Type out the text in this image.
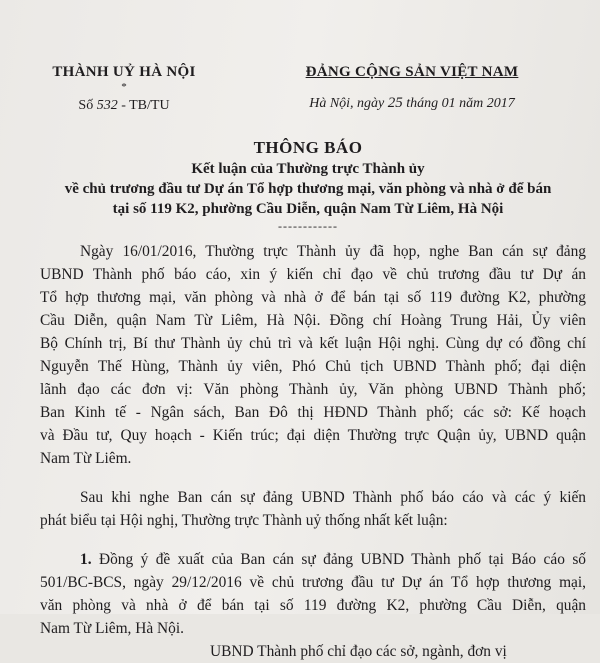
THÀNH UỶ HÀ NỘI
*
Số 532 - TB/TU
ĐẢNG CỘNG SẢN VIỆT NAM
Hà Nội, ngày 25 tháng 01 năm 2017
THÔNG BÁO
Kết luận của Thường trực Thành ủy
về chủ trương đầu tư Dự án Tổ hợp thương mại, văn phòng và nhà ở để bán
tại số 119 K2, phường Cầu Diễn, quận Nam Từ Liêm, Hà Nội
------------
Ngày 16/01/2016, Thường trực Thành ủy đã họp, nghe Ban cán sự đảng
UBND Thành phố báo cáo, xin ý kiến chỉ đạo về chủ trương đầu tư Dự án
Tổ hợp thương mại, văn phòng và nhà ở để bán tại số 119 đường K2, phường
Cầu Diễn, quận Nam Từ Liêm, Hà Nội. Đồng chí Hoàng Trung Hải, Ủy viên
Bộ Chính trị, Bí thư Thành ủy chủ trì và kết luận Hội nghị. Cùng dự có đồng chí
Nguyễn Thế Hùng, Thành ủy viên, Phó Chủ tịch UBND Thành phố; đại diện
lãnh đạo các đơn vị: Văn phòng Thành ủy, Văn phòng UBND Thành phố;
Ban Kinh tế - Ngân sách, Ban Đô thị HĐND Thành phố; các sở: Kế hoạch
và Đầu tư, Quy hoạch - Kiến trúc; đại diện Thường trực Quận ủy, UBND quận
Nam Từ Liêm.
Sau khi nghe Ban cán sự đảng UBND Thành phố báo cáo và các ý kiến
phát biểu tại Hội nghị, Thường trực Thành uỷ thống nhất kết luận:
1. Đồng ý đề xuất của Ban cán sự đảng UBND Thành phố tại Báo cáo số
501/BC-BCS, ngày 29/12/2016 về chủ trương đầu tư Dự án Tổ hợp thương mại,
văn phòng và nhà ở để bán tại số 119 đường K2, phường Cầu Diễn, quận
Nam Từ Liêm, Hà Nội.
UBND Thành phố chỉ đạo các sở, ngành, đơn vị
